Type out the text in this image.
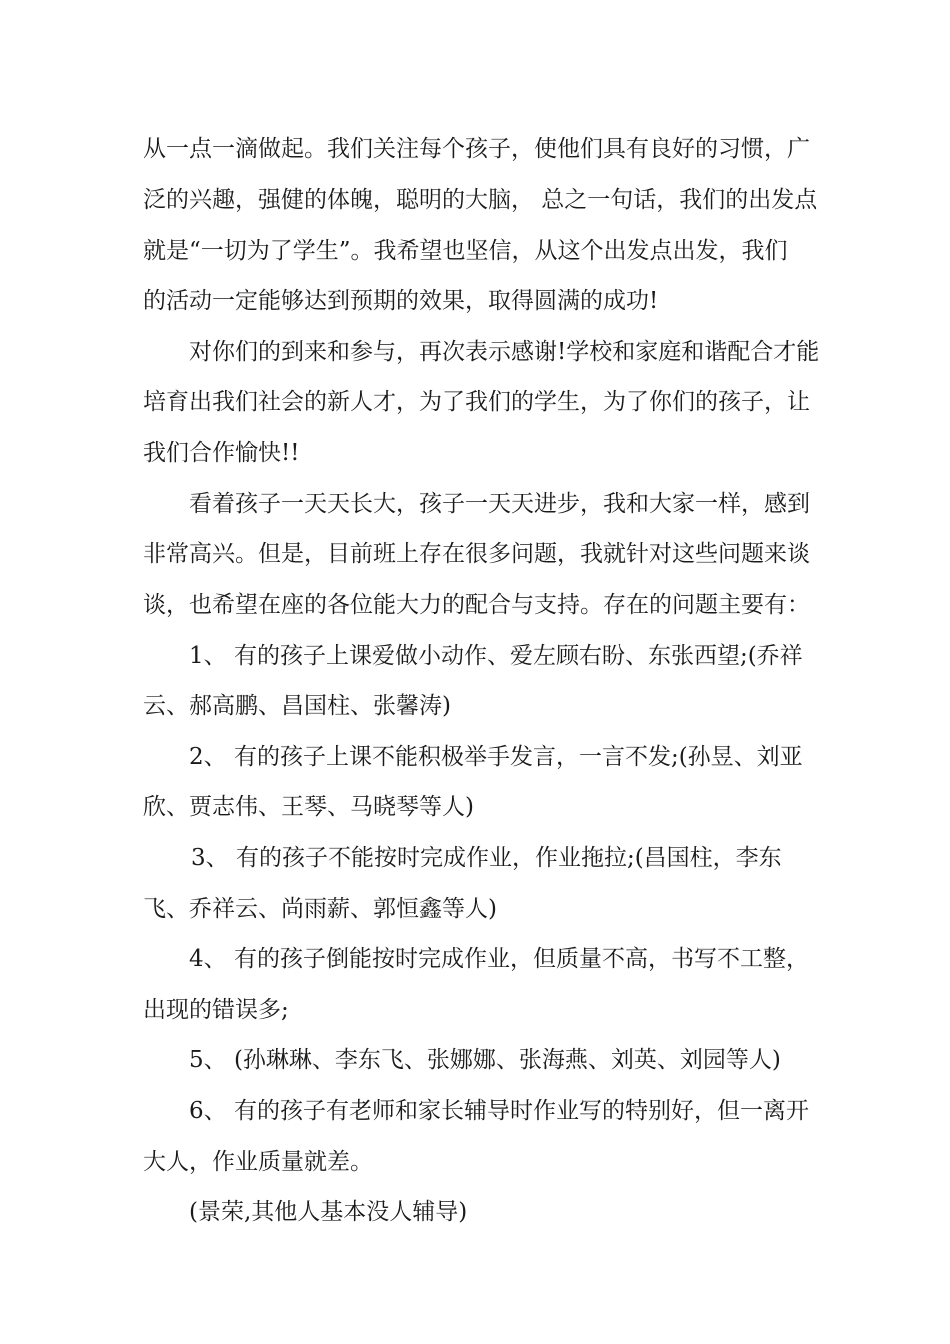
从一点一滴做起。我们关注每个孩子，使他们具有良好的习惯，广
泛的兴趣，强健的体魄，聪明的大脑， 总之一句话，我们的出发点
就是“一切为了学生”。我希望也坚信，从这个出发点出发，我们
的活动一定能够达到预期的效果，取得圆满的成功!
对你们的到来和参与，再次表示感谢!学校和家庭和谐配合才能
培育出我们社会的新人才，为了我们的学生，为了你们的孩子，让
我们合作愉快!!
看着孩子一天天长大，孩子一天天进步，我和大家一样，感到
非常高兴。但是，目前班上存在很多问题，我就针对这些问题来谈
谈，也希望在座的各位能大力的配合与支持。存在的问题主要有：
1、 有的孩子上课爱做小动作、爱左顾右盼、东张西望;(乔祥
云、郝高鹏、昌国柱、张馨涛)
2、 有的孩子上课不能积极举手发言，一言不发;(孙昱、刘亚
欣、贾志伟、王琴、马晓琴等人)
3、 有的孩子不能按时完成作业，作业拖拉;(昌国柱，李东
飞、乔祥云、尚雨薪、郭恒鑫等人)
4、 有的孩子倒能按时完成作业，但质量不高，书写不工整，
出现的错误多;
5、 (孙琳琳、李东飞、张娜娜、张海燕、刘英、刘园等人)
6、 有的孩子有老师和家长辅导时作业写的特别好，但一离开
大人，作业质量就差。
(景荣,其他人基本没人辅导)
